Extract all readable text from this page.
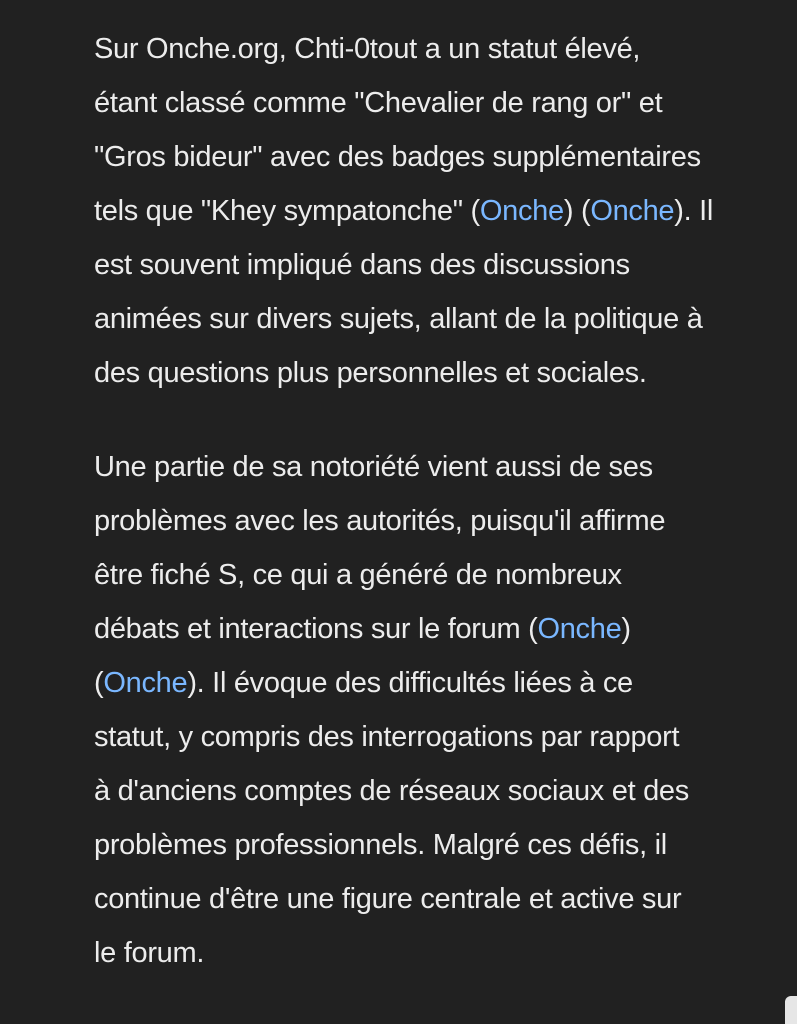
Sur Onche.org, Chti-0tout a un statut élevé,
étant classé comme "Chevalier de rang or" et
"Gros bideur" avec des badges supplémentaires
tels que "Khey sympatonche" (Onche) (Onche). Il
est souvent impliqué dans des discussions
animées sur divers sujets, allant de la politique à
des questions plus personnelles et sociales.

Une partie de sa notoriété vient aussi de ses
problèmes avec les autorités, puisqu'il affirme
être fiché S, ce qui a généré de nombreux
débats et interactions sur le forum (Onche)
(Onche). Il évoque des difficultés liées à ce
statut, y compris des interrogations par rapport
à d'anciens comptes de réseaux sociaux et des
problèmes professionnels. Malgré ces défis, il
continue d'être une figure centrale et active sur
le forum.
